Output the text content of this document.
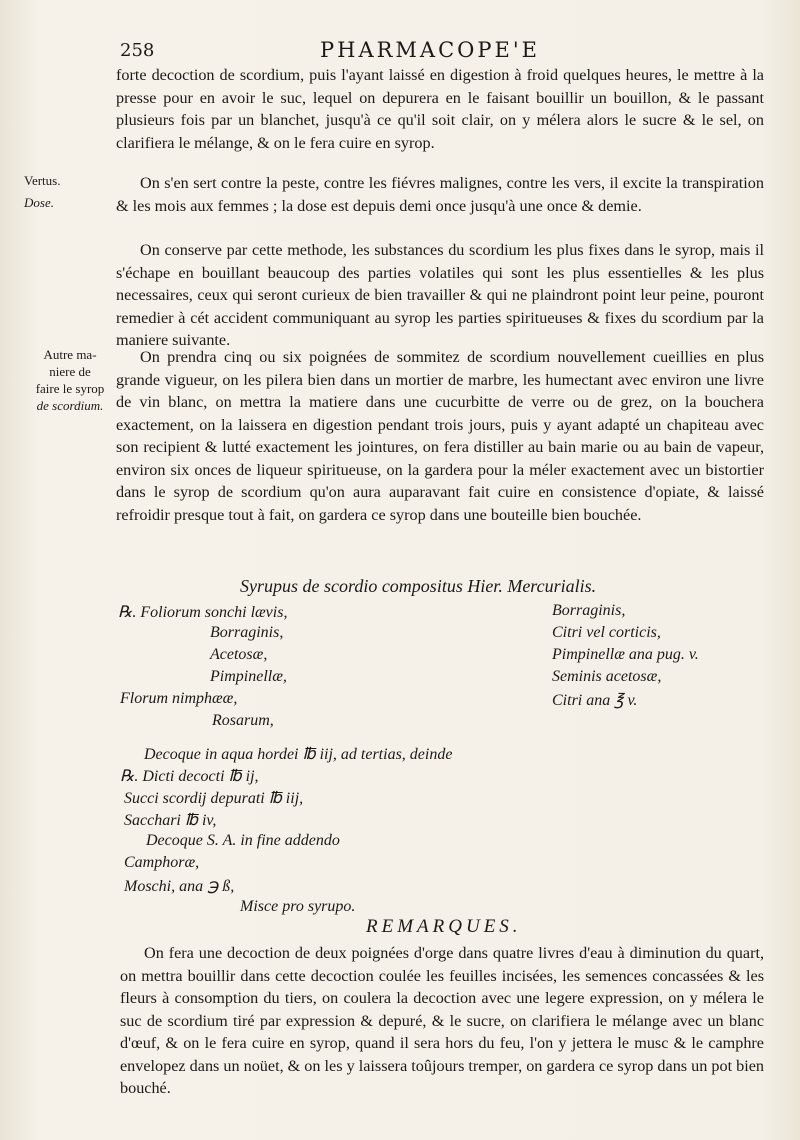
258	PHARMACOPE'E

forte decoction de scordium, puis l'ayant laissé en digestion à froid quelques heures, le mettre à la presse pour en avoir le suc, lequel on depurera en le faisant bouillir un bouillon, & le passant plusieurs fois par un blanchet, jusqu'à ce qu'il soit clair, on y mélera alors le sucre & le sel, on clarifiera le mélange, & on le fera cuire en syrop.

Vertus.
Dose.

On s'en sert contre la peste, contre les fiévres malignes, contre les vers, il excite la transpiration & les mois aux femmes ; la dose est depuis demi once jusqu'à une once & demie.

On conserve par cette methode, les substances du scordium les plus fixes dans le syrop, mais il s'échape en bouillant beaucoup des parties volatiles qui sont les plus essentielles & les plus necessaires, ceux qui seront curieux de bien travailler & qui ne plaindront point leur peine, pouront remedier à cét accident communiquant au syrop les parties spiritueuses & fixes du scordium par la maniere suivante.

Autre ma-
niere de
faire le syrop
de scordium.

On prendra cinq ou six poignées de sommitez de scordium nouvellement cueillies en plus grande vigueur, on les pilera bien dans un mortier de marbre, les humectant avec environ une livre de vin blanc, on mettra la matiere dans une cucurbitte de verre ou de grez, on la bouchera exactement, on la laissera en digestion pendant trois jours, puis y ayant adapté un chapiteau avec son recipient & lutté exactement les jointures, on fera distiller au bain marie ou au bain de vapeur, environ six onces de liqueur spiritueuse, on la gardera pour la méler exactement avec un bistortier dans le syrop de scordium qu'on aura auparavant fait cuire en consistence d'opiate, & laissé refroidir presque tout à fait, on gardera ce syrop dans une bouteille bien bouchée.

Syrupus de scordio compositus Hier. Mercurialis.
℞. Foliorum sonchi lævis,
Borraginis,
Acetosæ,
Pimpinellæ,
Florum nimphææ,
Rosarum,
Borraginis,
Citri vel corticis,
Pimpinellæ ana pug. v.
Seminis acetosæ,
Citri ana ℥ v.
Decoque in aqua hordei ℔ iij, ad tertias, deinde
℞. Dicti decocti ℔ ij,
Succi scordij depurati ℔ iij,
Sacchari ℔ iv,
Decoque S. A. in fine addendo
Camphoræ,
Moschi, ana ℈ ß,
Misce pro syrupo.
REMARQUES.

On fera une decoction de deux poignées d'orge dans quatre livres d'eau à diminution du quart, on mettra bouillir dans cette decoction coulée les feuilles incisées, les semences concassées & les fleurs à consomption du tiers, on coulera la decoction avec une legere expression, on y mélera le suc de scordium tiré par expression & depuré, & le sucre, on clarifiera le mélange avec un blanc d'œuf, & on le fera cuire en syrop, quand il sera hors du feu, l'on y jettera le musc & le camphre envelopez dans un noüet, & on les y laissera toûjours tremper, on gardera ce syrop dans un pot bien bouché.
